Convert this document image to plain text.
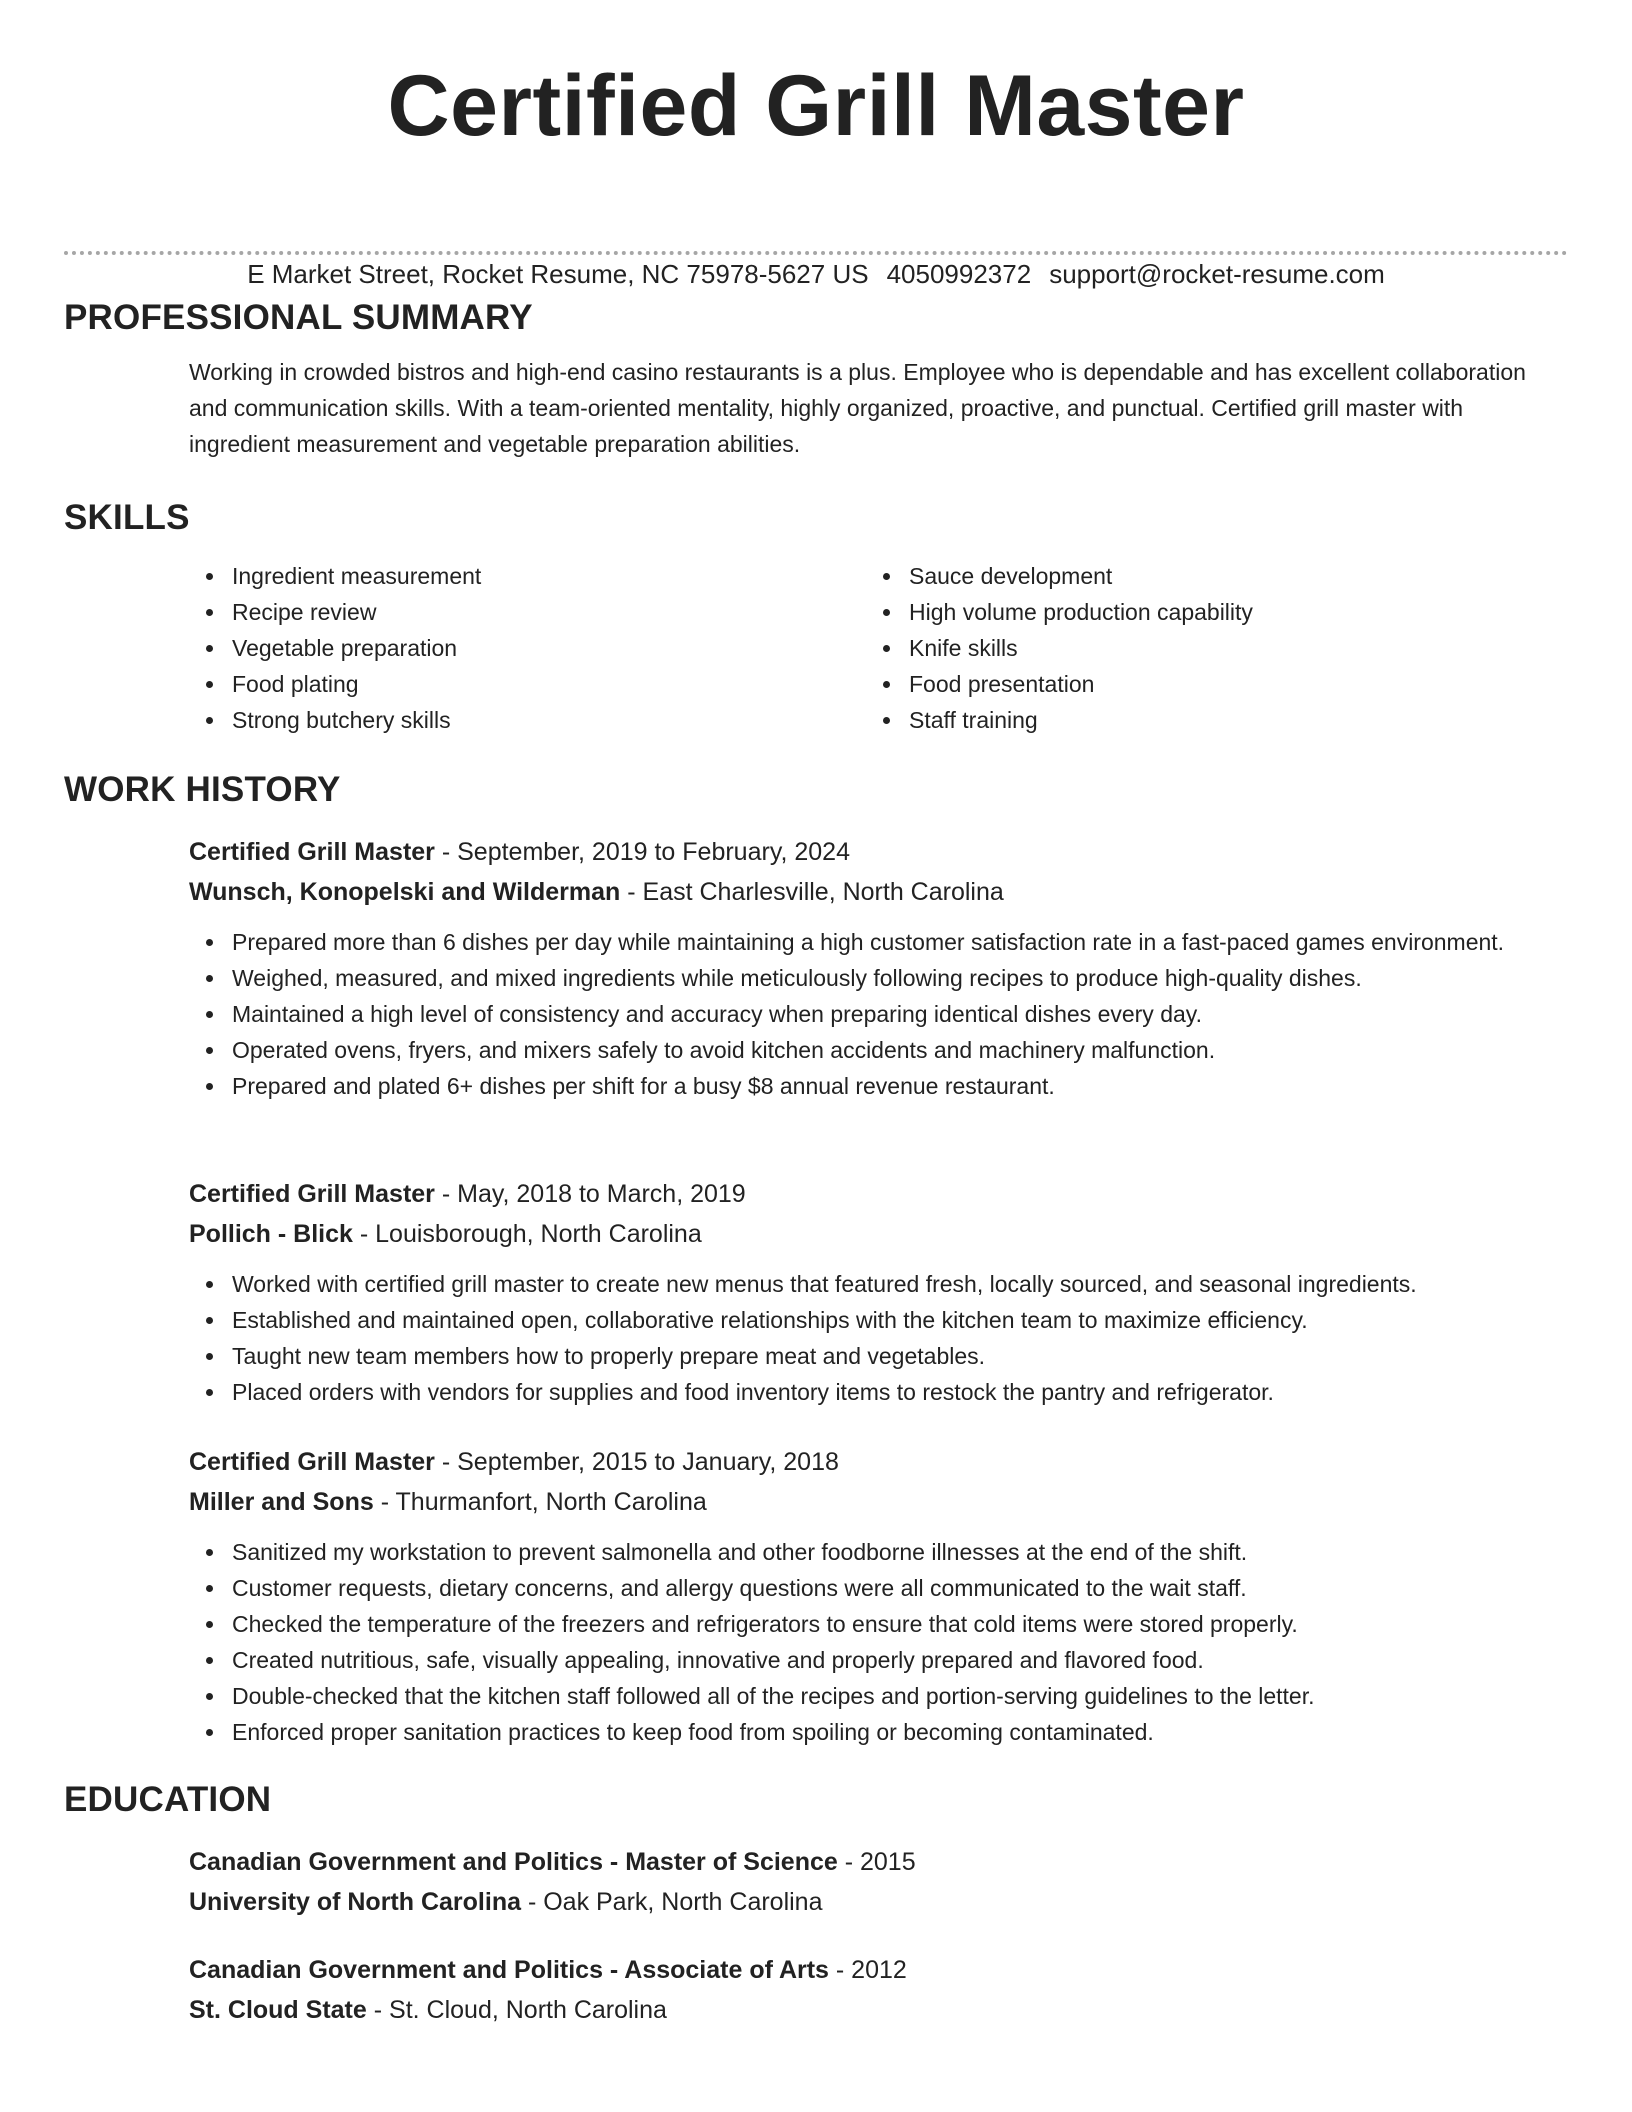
Certified Grill Master
E Market Street, Rocket Resume, NC 75978-5627 US 4050992372 support@rocket-resume.com
PROFESSIONAL SUMMARY

Working in crowded bistros and high-end casino restaurants is a plus. Employee who is dependable and has excellent collaboration and communication skills. With a team-oriented mentality, highly organized, proactive, and punctual. Certified grill master with ingredient measurement and vegetable preparation abilities.

SKILLS
Ingredient measurement
Recipe review
Vegetable preparation
Food plating
Strong butchery skills
Sauce development
High volume production capability
Knife skills
Food presentation
Staff training
WORK HISTORY
Certified Grill Master - September, 2019 to February, 2024
Wunsch, Konopelski and Wilderman - East Charlesville, North Carolina
Prepared more than 6 dishes per day while maintaining a high customer satisfaction rate in a fast-paced games environment.
Weighed, measured, and mixed ingredients while meticulously following recipes to produce high-quality dishes.
Maintained a high level of consistency and accuracy when preparing identical dishes every day.
Operated ovens, fryers, and mixers safely to avoid kitchen accidents and machinery malfunction.
Prepared and plated 6+ dishes per shift for a busy $8 annual revenue restaurant.
Certified Grill Master - May, 2018 to March, 2019
Pollich - Blick - Louisborough, North Carolina
Worked with certified grill master to create new menus that featured fresh, locally sourced, and seasonal ingredients.
Established and maintained open, collaborative relationships with the kitchen team to maximize efficiency.
Taught new team members how to properly prepare meat and vegetables.
Placed orders with vendors for supplies and food inventory items to restock the pantry and refrigerator.
Certified Grill Master - September, 2015 to January, 2018
Miller and Sons - Thurmanfort, North Carolina
Sanitized my workstation to prevent salmonella and other foodborne illnesses at the end of the shift.
Customer requests, dietary concerns, and allergy questions were all communicated to the wait staff.
Checked the temperature of the freezers and refrigerators to ensure that cold items were stored properly.
Created nutritious, safe, visually appealing, innovative and properly prepared and flavored food.
Double-checked that the kitchen staff followed all of the recipes and portion-serving guidelines to the letter.
Enforced proper sanitation practices to keep food from spoiling or becoming contaminated.
EDUCATION
Canadian Government and Politics - Master of Science - 2015
University of North Carolina - Oak Park, North Carolina
Canadian Government and Politics - Associate of Arts - 2012
St. Cloud State - St. Cloud, North Carolina
